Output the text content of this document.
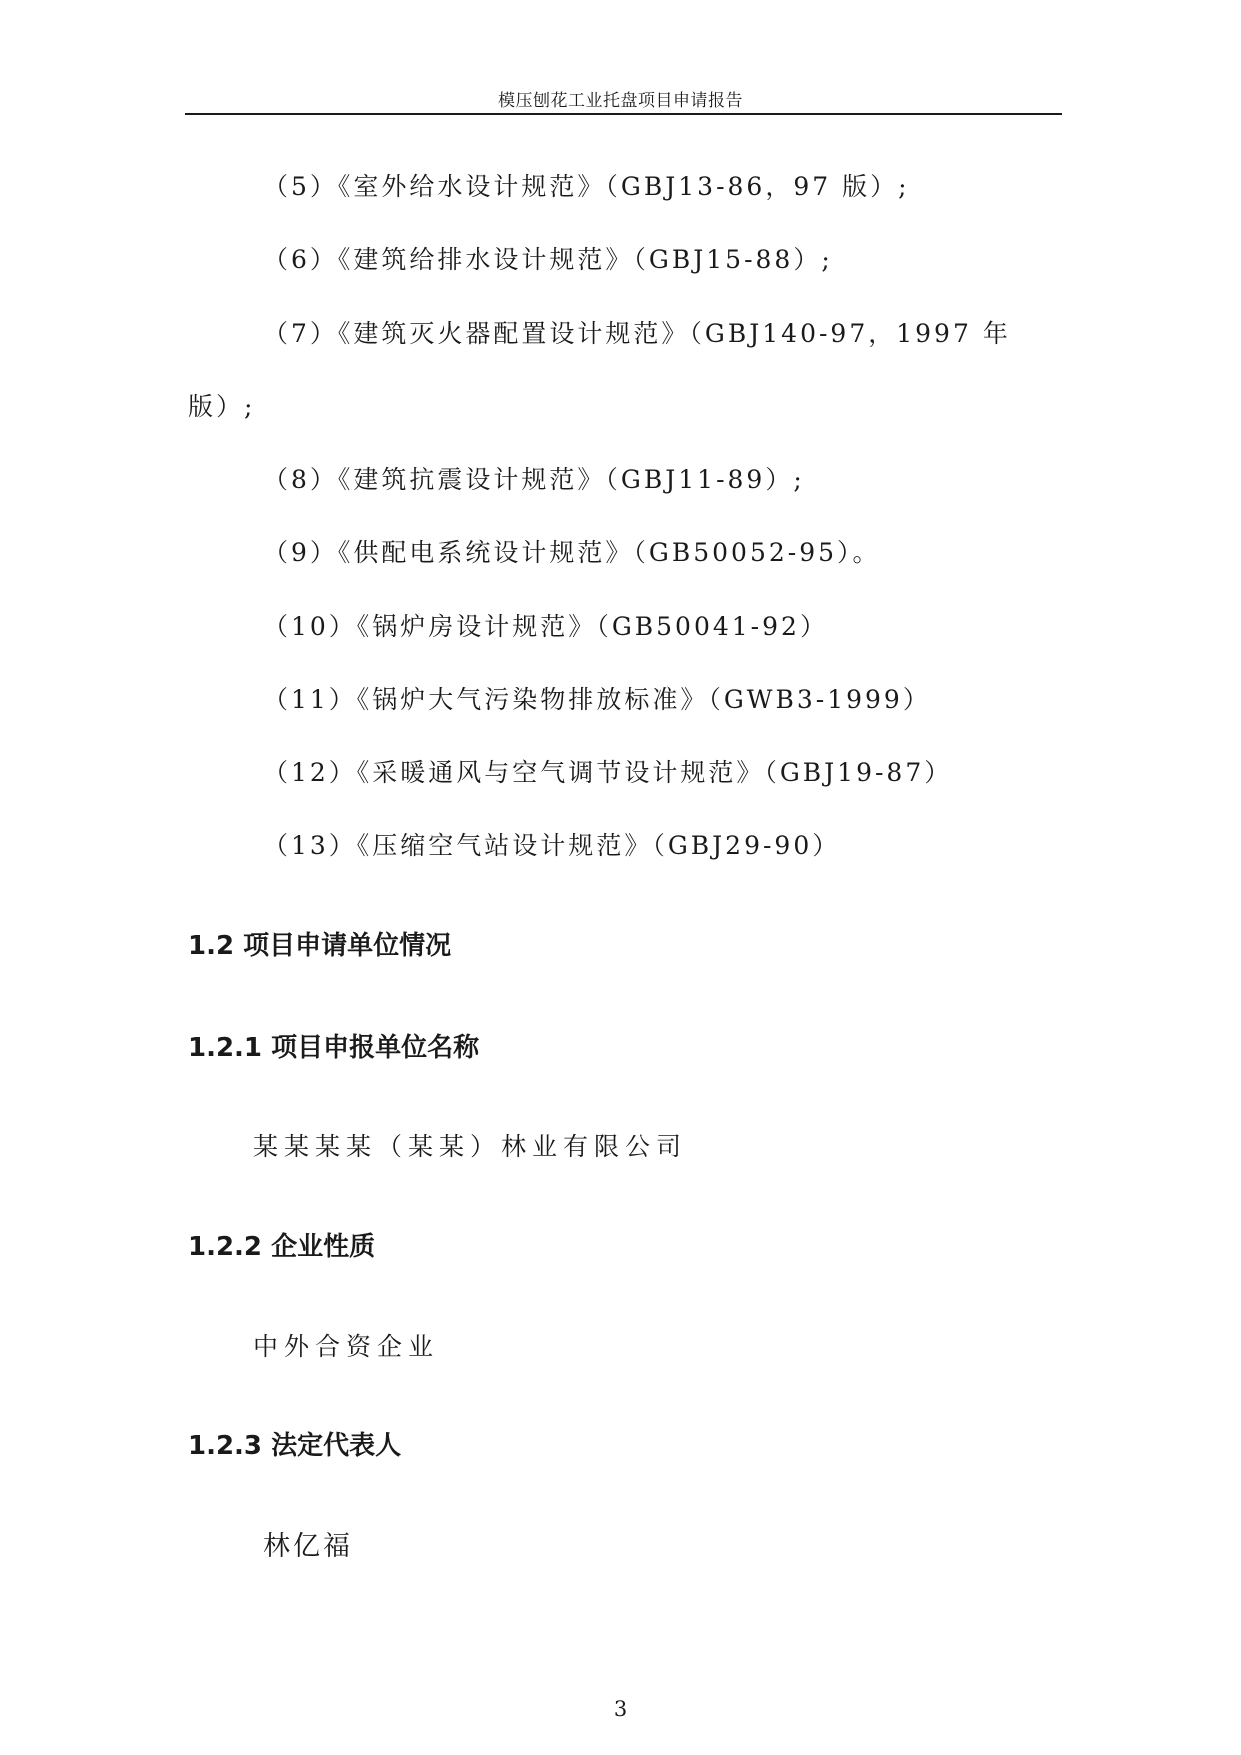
模压刨花工业托盘项目申请报告
（5）《室外给水设计规范》（GBJ13-86，97 版）;
（6）《建筑给排水设计规范》（GBJ15-88）;
（7）《建筑灭火器配置设计规范》（GBJ140-97，1997 年
版）;
（8）《建筑抗震设计规范》（GBJ11-89）;
（9）《供配电系统设计规范》（GB50052-95）。
（10）《锅炉房设计规范》（GB50041-92）
（11）《锅炉大气污染物排放标准》（GWB3-1999）
（12）《采暖通风与空气调节设计规范》（GBJ19-87）
（13）《压缩空气站设计规范》（GBJ29-90）
1.2 项目申请单位情况
1.2.1 项目申报单位名称
某某某某（某某）林业有限公司
1.2.2 企业性质
中外合资企业
1.2.3 法定代表人
林亿福
3
